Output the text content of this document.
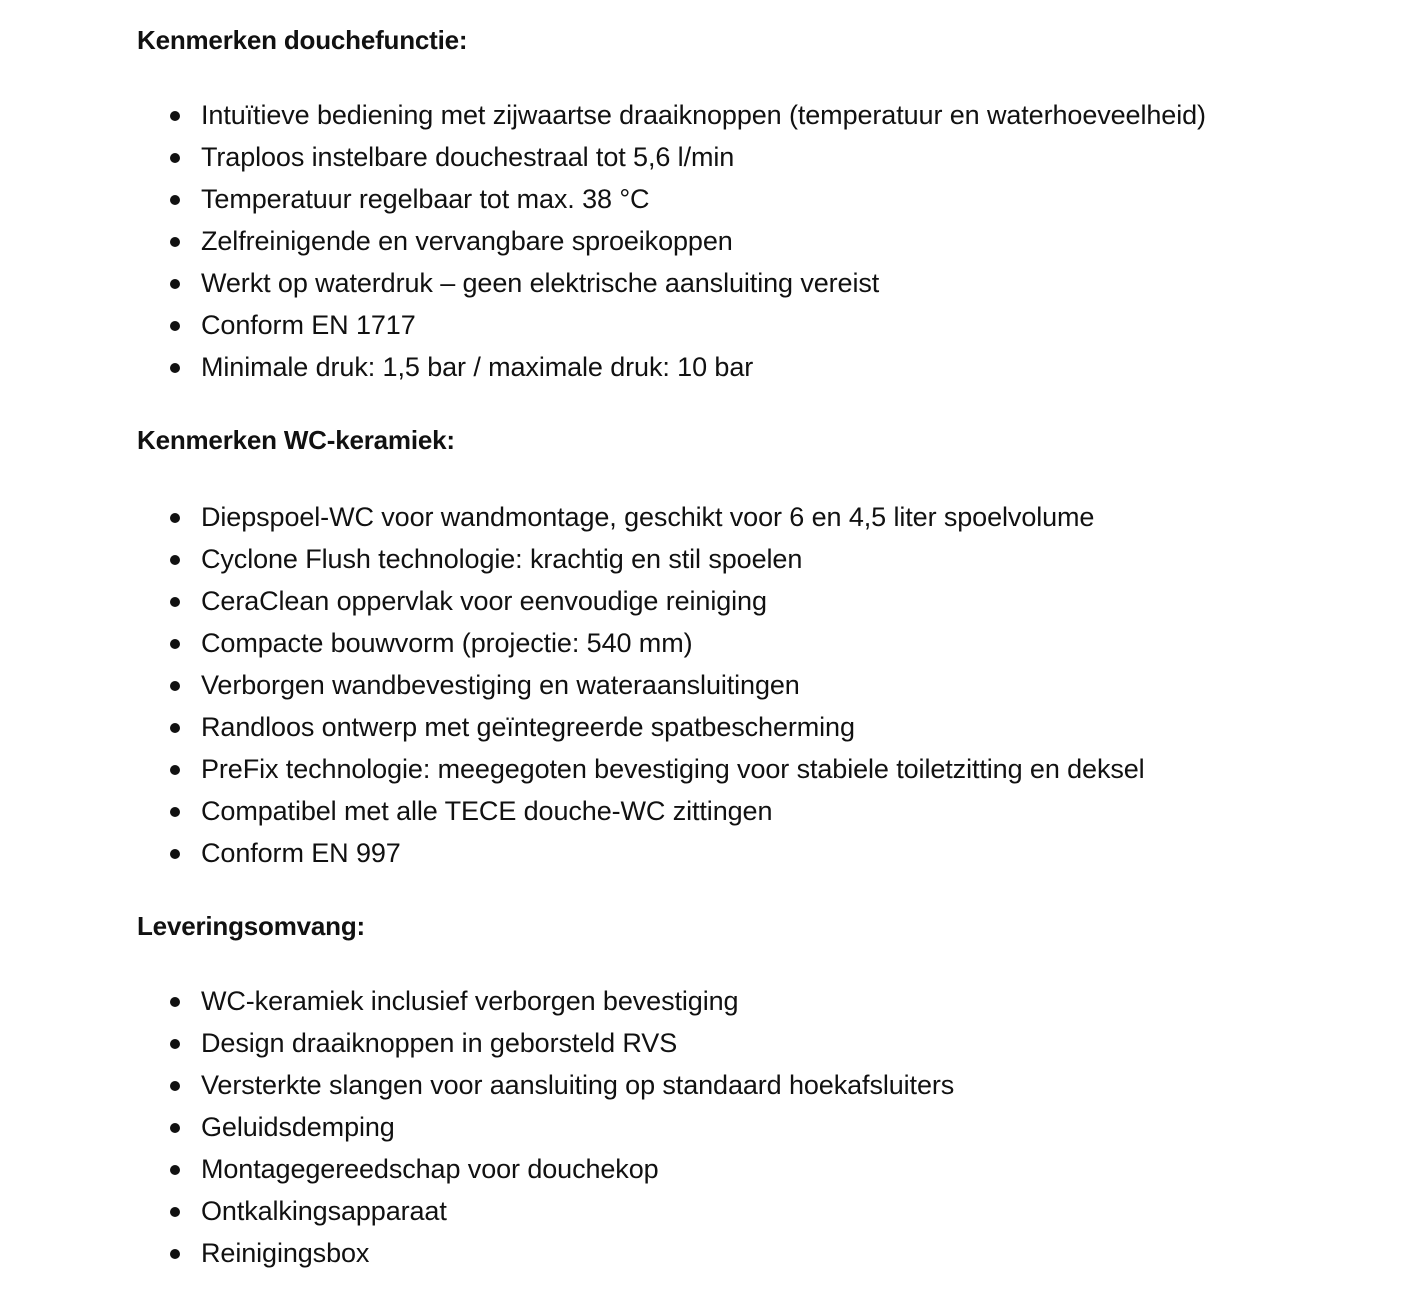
Kenmerken douchefunctie:
Intuïtieve bediening met zijwaartse draaiknoppen (temperatuur en waterhoeveelheid)
Traploos instelbare douchestraal tot 5,6 l/min
Temperatuur regelbaar tot max. 38 °C
Zelfreinigende en vervangbare sproeikoppen
Werkt op waterdruk – geen elektrische aansluiting vereist
Conform EN 1717
Minimale druk: 1,5 bar / maximale druk: 10 bar
Kenmerken WC-keramiek:
Diepspoel-WC voor wandmontage, geschikt voor 6 en 4,5 liter spoelvolume
Cyclone Flush technologie: krachtig en stil spoelen
CeraClean oppervlak voor eenvoudige reiniging
Compacte bouwvorm (projectie: 540 mm)
Verborgen wandbevestiging en wateraansluitingen
Randloos ontwerp met geïntegreerde spatbescherming
PreFix technologie: meegegoten bevestiging voor stabiele toiletzitting en deksel
Compatibel met alle TECE douche-WC zittingen
Conform EN 997
Leveringsomvang:
WC-keramiek inclusief verborgen bevestiging
Design draaiknoppen in geborsteld RVS
Versterkte slangen voor aansluiting op standaard hoekafsluiters
Geluidsdemping
Montagegereedschap voor douchekop
Ontkalkingsapparaat
Reinigingsbox
